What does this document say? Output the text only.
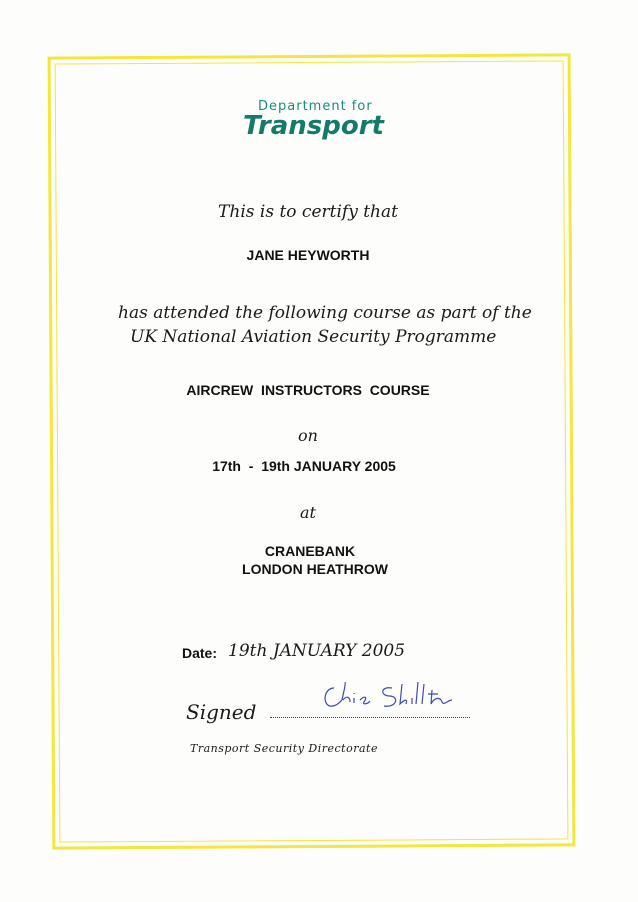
Department for
Transport
This is to certify that
JANE HEYWORTH
has attended the following course as part of the
UK National Aviation Security Programme
AIRCREW  INSTRUCTORS  COURSE
on
17th  -  19th JANUARY 2005
at
CRANEBANK
LONDON HEATHROW
Date: 19th JANUARY 2005
Signed
Transport Security Directorate
